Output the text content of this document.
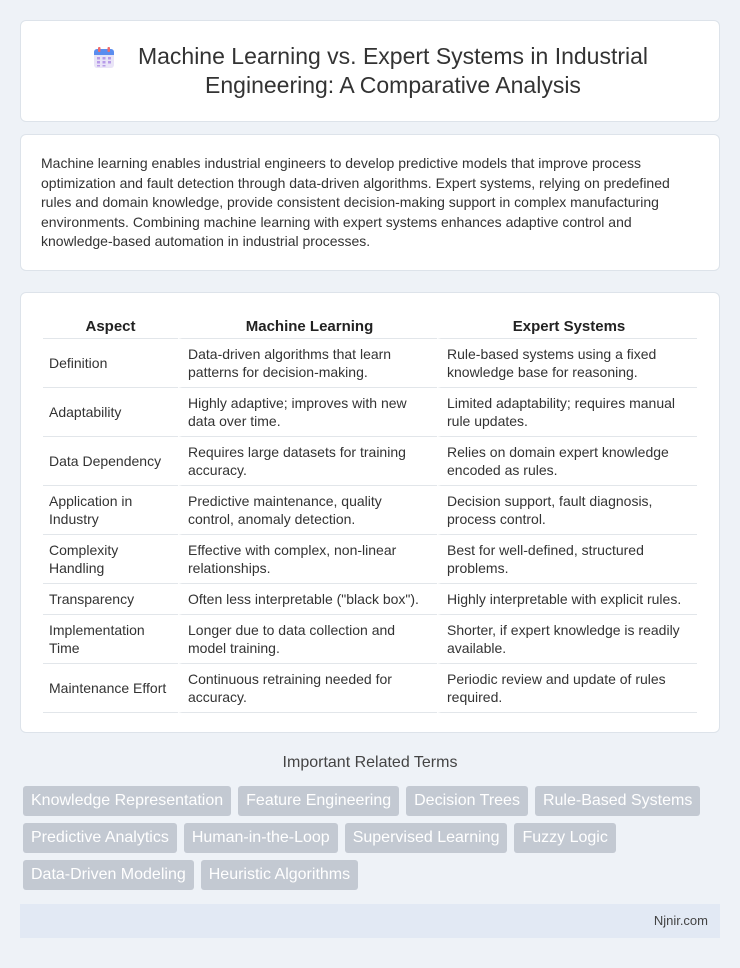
Machine Learning vs. Expert Systems in Industrial
Engineering: A Comparative Analysis

Machine learning enables industrial engineers to develop predictive models that improve process optimization and fault detection through data-driven algorithms. Expert systems, relying on predefined rules and domain knowledge, provide consistent decision-making support in complex manufacturing environments. Combining machine learning with expert systems enhances adaptive control and knowledge-based automation in industrial processes.

Aspect	Machine Learning	Expert Systems
Definition	Data-driven algorithms that learn patterns for decision-making.	Rule-based systems using a fixed knowledge base for reasoning.
Adaptability	Highly adaptive; improves with new data over time.	Limited adaptability; requires manual rule updates.
Data Dependency	Requires large datasets for training accuracy.	Relies on domain expert knowledge encoded as rules.
Application in Industry	Predictive maintenance, quality control, anomaly detection.	Decision support, fault diagnosis, process control.
Complexity Handling	Effective with complex, non-linear relationships.	Best for well-defined, structured problems.
Transparency	Often less interpretable ("black box").	Highly interpretable with explicit rules.
Implementation Time	Longer due to data collection and model training.	Shorter, if expert knowledge is readily available.
Maintenance Effort	Continuous retraining needed for accuracy.	Periodic review and update of rules required.
Important Related Terms
Knowledge Representation	Feature Engineering	Decision Trees	Rule-Based Systems
Predictive Analytics	Human-in-the-Loop	Supervised Learning	Fuzzy Logic
Data-Driven Modeling	Heuristic Algorithms
Njnir.com
